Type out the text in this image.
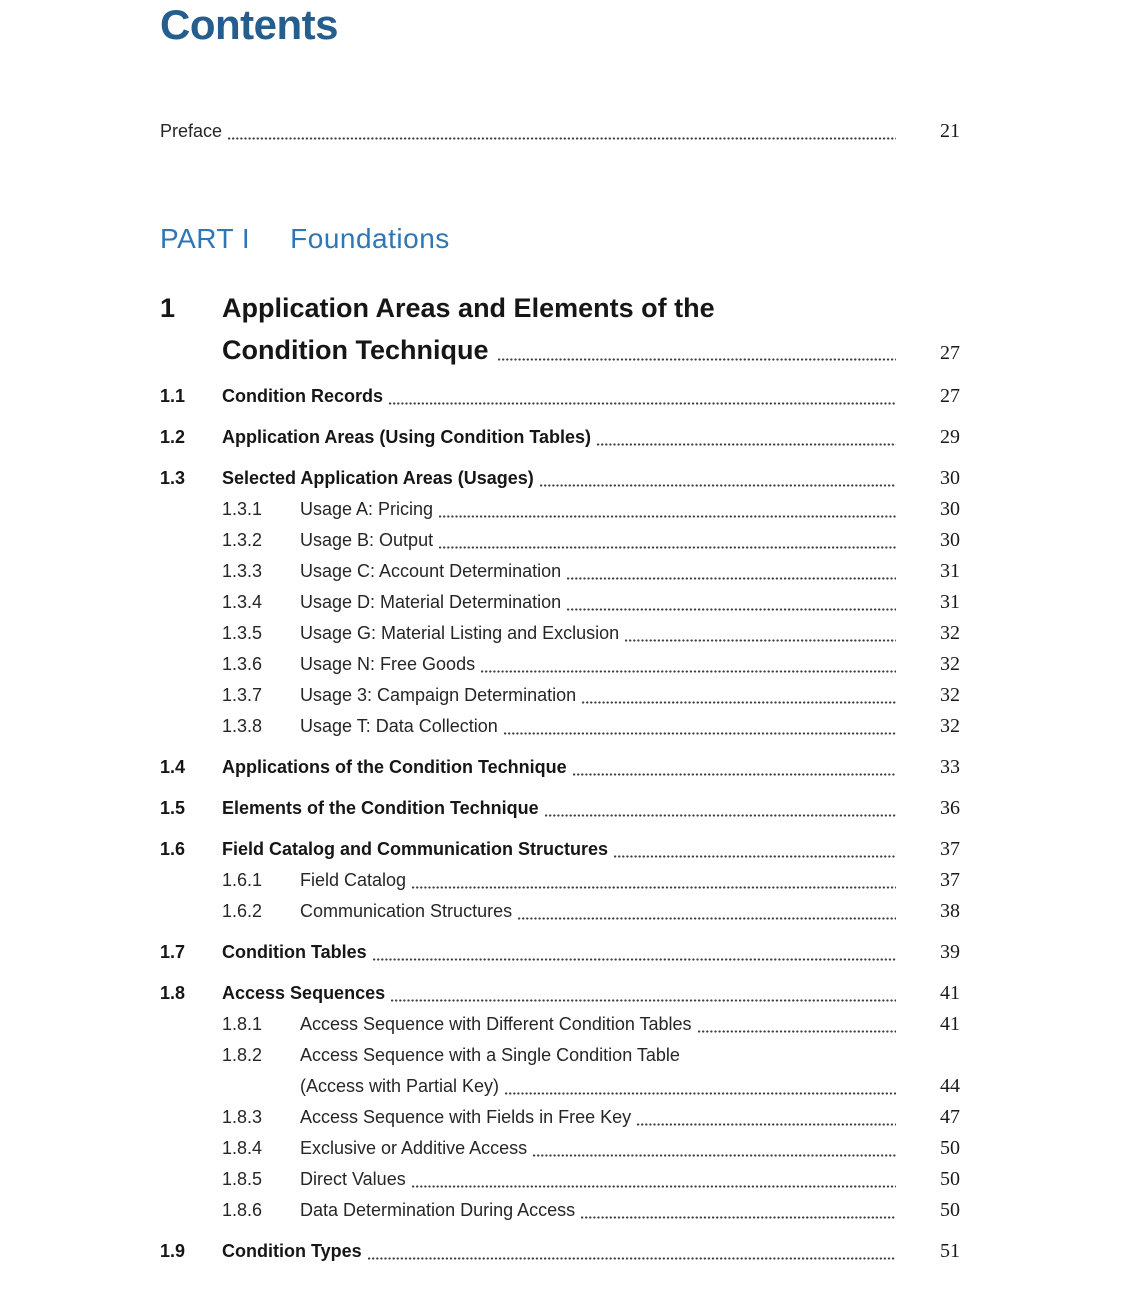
Contents
Preface	21
PART I Foundations
1	Application Areas and Elements of the
Condition Technique	27
1.1	Condition Records	27
1.2	Application Areas (Using Condition Tables)	29
1.3	Selected Application Areas (Usages)	30
1.3.1	Usage A: Pricing	30
1.3.2	Usage B: Output	30
1.3.3	Usage C: Account Determination	31
1.3.4	Usage D: Material Determination	31
1.3.5	Usage G: Material Listing and Exclusion	32
1.3.6	Usage N: Free Goods	32
1.3.7	Usage 3: Campaign Determination	32
1.3.8	Usage T: Data Collection	32
1.4	Applications of the Condition Technique	33
1.5	Elements of the Condition Technique	36
1.6	Field Catalog and Communication Structures	37
1.6.1	Field Catalog	37
1.6.2	Communication Structures	38
1.7	Condition Tables	39
1.8	Access Sequences	41
1.8.1	Access Sequence with Different Condition Tables	41
1.8.2	Access Sequence with a Single Condition Table
(Access with Partial Key)	44
1.8.3	Access Sequence with Fields in Free Key	47
1.8.4	Exclusive or Additive Access	50
1.8.5	Direct Values	50
1.8.6	Data Determination During Access	50
1.9	Condition Types	51
